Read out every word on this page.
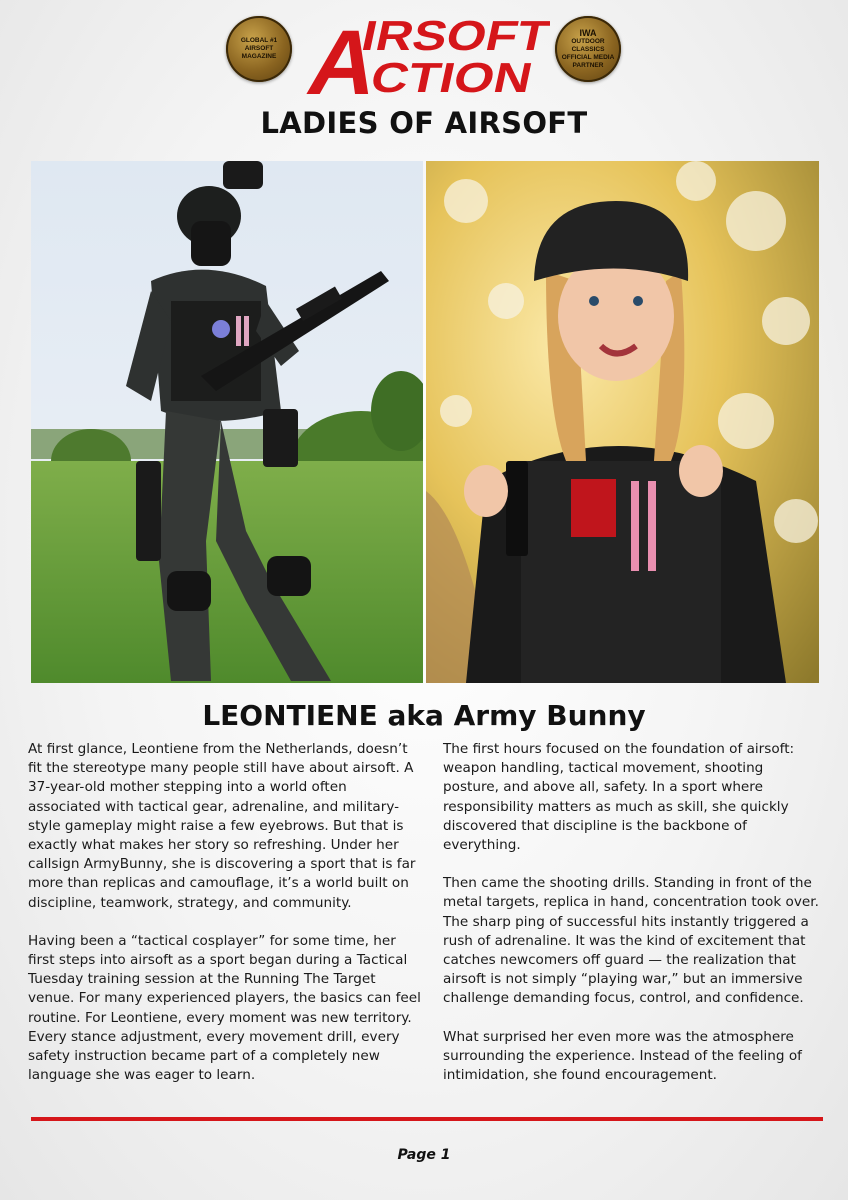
GLOBAL #1
AIRSOFT
MAGAZINE A
IRSOFT
CTION
IWA
OUTDOOR
CLASSICS
OFFICIAL MEDIA
PARTNER
LADIES OF AIRSOFT
LEONTIENE aka Army Bunny

At first glance, Leontiene from the Netherlands, doesn’t fit the stereotype many people still have about airsoft. A 37-year-old mother stepping into a world often associated with tactical gear, adrenaline, and military-style gameplay might raise a few eyebrows. But that is exactly what makes her story so refreshing. Under her callsign ArmyBunny, she is discovering a sport that is far more than replicas and camouflage, it’s a world built on discipline, teamwork, strategy, and community.

Having been a “tactical cosplayer” for some time, her first steps into airsoft as a sport began during a Tactical Tuesday training session at the Running The Target venue. For many experienced players, the basics can feel routine. For Leontiene, every moment was new territory. Every stance adjustment, every movement drill, every safety instruction became part of a completely new language she was eager to learn.

The first hours focused on the foundation of airsoft: weapon handling, tactical movement, shooting posture, and above all, safety. In a sport where responsibility matters as much as skill, she quickly discovered that discipline is the backbone of everything.

Then came the shooting drills. Standing in front of the metal targets, replica in hand, concentration took over. The sharp ping of successful hits instantly triggered a rush of adrenaline. It was the kind of excitement that catches newcomers off guard — the realization that airsoft is not simply “playing war,” but an immersive challenge demanding focus, control, and confidence.

What surprised her even more was the atmosphere surrounding the experience. Instead of the feeling of intimidation, she found encouragement.

Page 1
